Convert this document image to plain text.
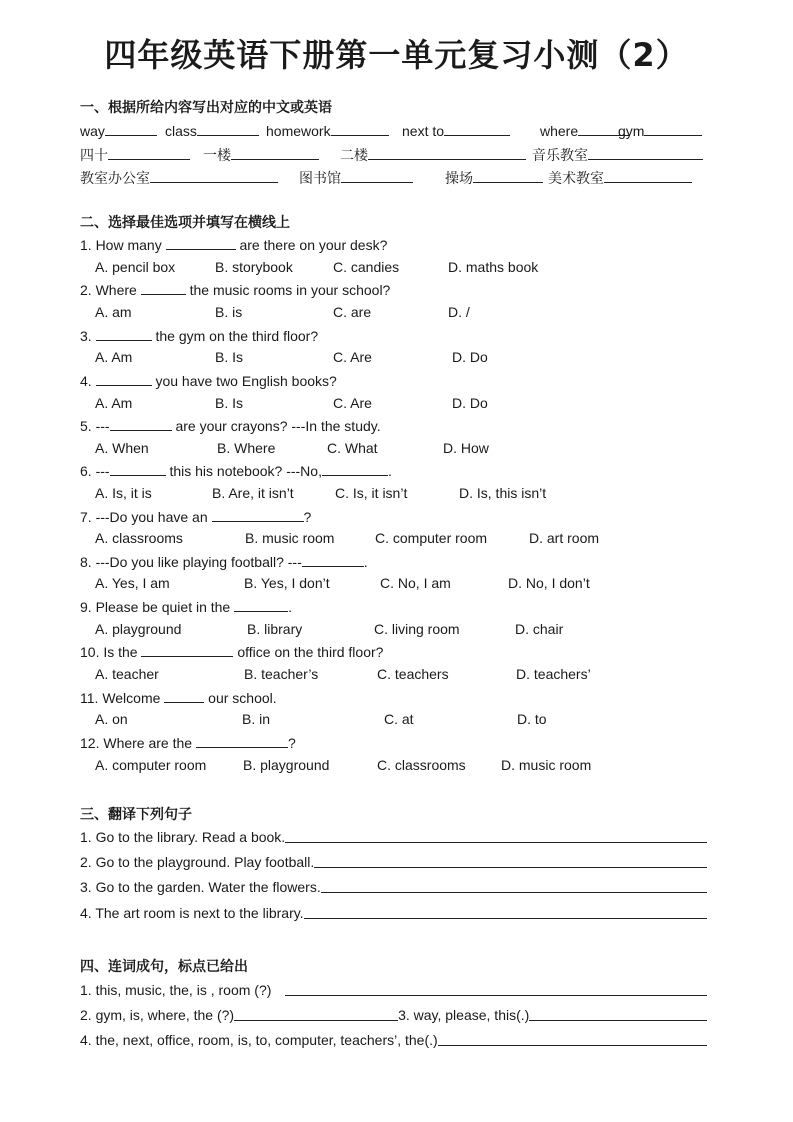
四年级英语下册第一单元复习小测（2）
一、根据所给内容写出对应的中文或英语
way	class	homework	next to	where	gym
四十	一楼	二楼	音乐教室
教室办公室	图书馆	操场	美术教室
二、选择最佳选项并填写在横线上
1. How many	are there on your desk?
A. pencil box	B. storybook	C. candies	D. maths book
2. Where	the music rooms in your school?
A. am	B. is	C. are	D. /
3.	the gym on the third floor?
A. Am	B. Is	C. Are	D. Do
4.	you have two English books?
A. Am	B. Is	C. Are	D. Do
5. ---	are your crayons? ---In the study.
A. When	B. Where	C. What	D. How
6. ---	this his notebook? ---No,	.
A. Is, it is	B. Are, it isn’t	C. Is, it isn’t	D. Is, this isn’t
7. ---Do you have an	?
A. classrooms	B. music room	C. computer room	D. art room
8. ---Do you like playing football? ---	.
A. Yes, I am	B. Yes, I don’t	C. No, I am	D. No, I don’t
9. Please be quiet in the	.
A. playground	B. library	C. living room	D. chair
10. Is the	office on the third floor?
A. teacher	B. teacher’s	C. teachers	D. teachers’
11. Welcome	our school.
A. on	B. in	C. at	D. to
12. Where are the	?
A. computer room	B. playground	C. classrooms	D. music room
三、翻译下列句子
1. Go to the library. Read a book.
2. Go to the playground. Play football.
3. Go to the garden. Water the flowers.
4. The art room is next to the library.
四、连词成句，标点已给出
1. this, music, the, is , room (?)
2. gym, is, where, the (?)	3. way, please, this(.)
4. the, next, office, room, is, to, computer, teachers’, the(.)
